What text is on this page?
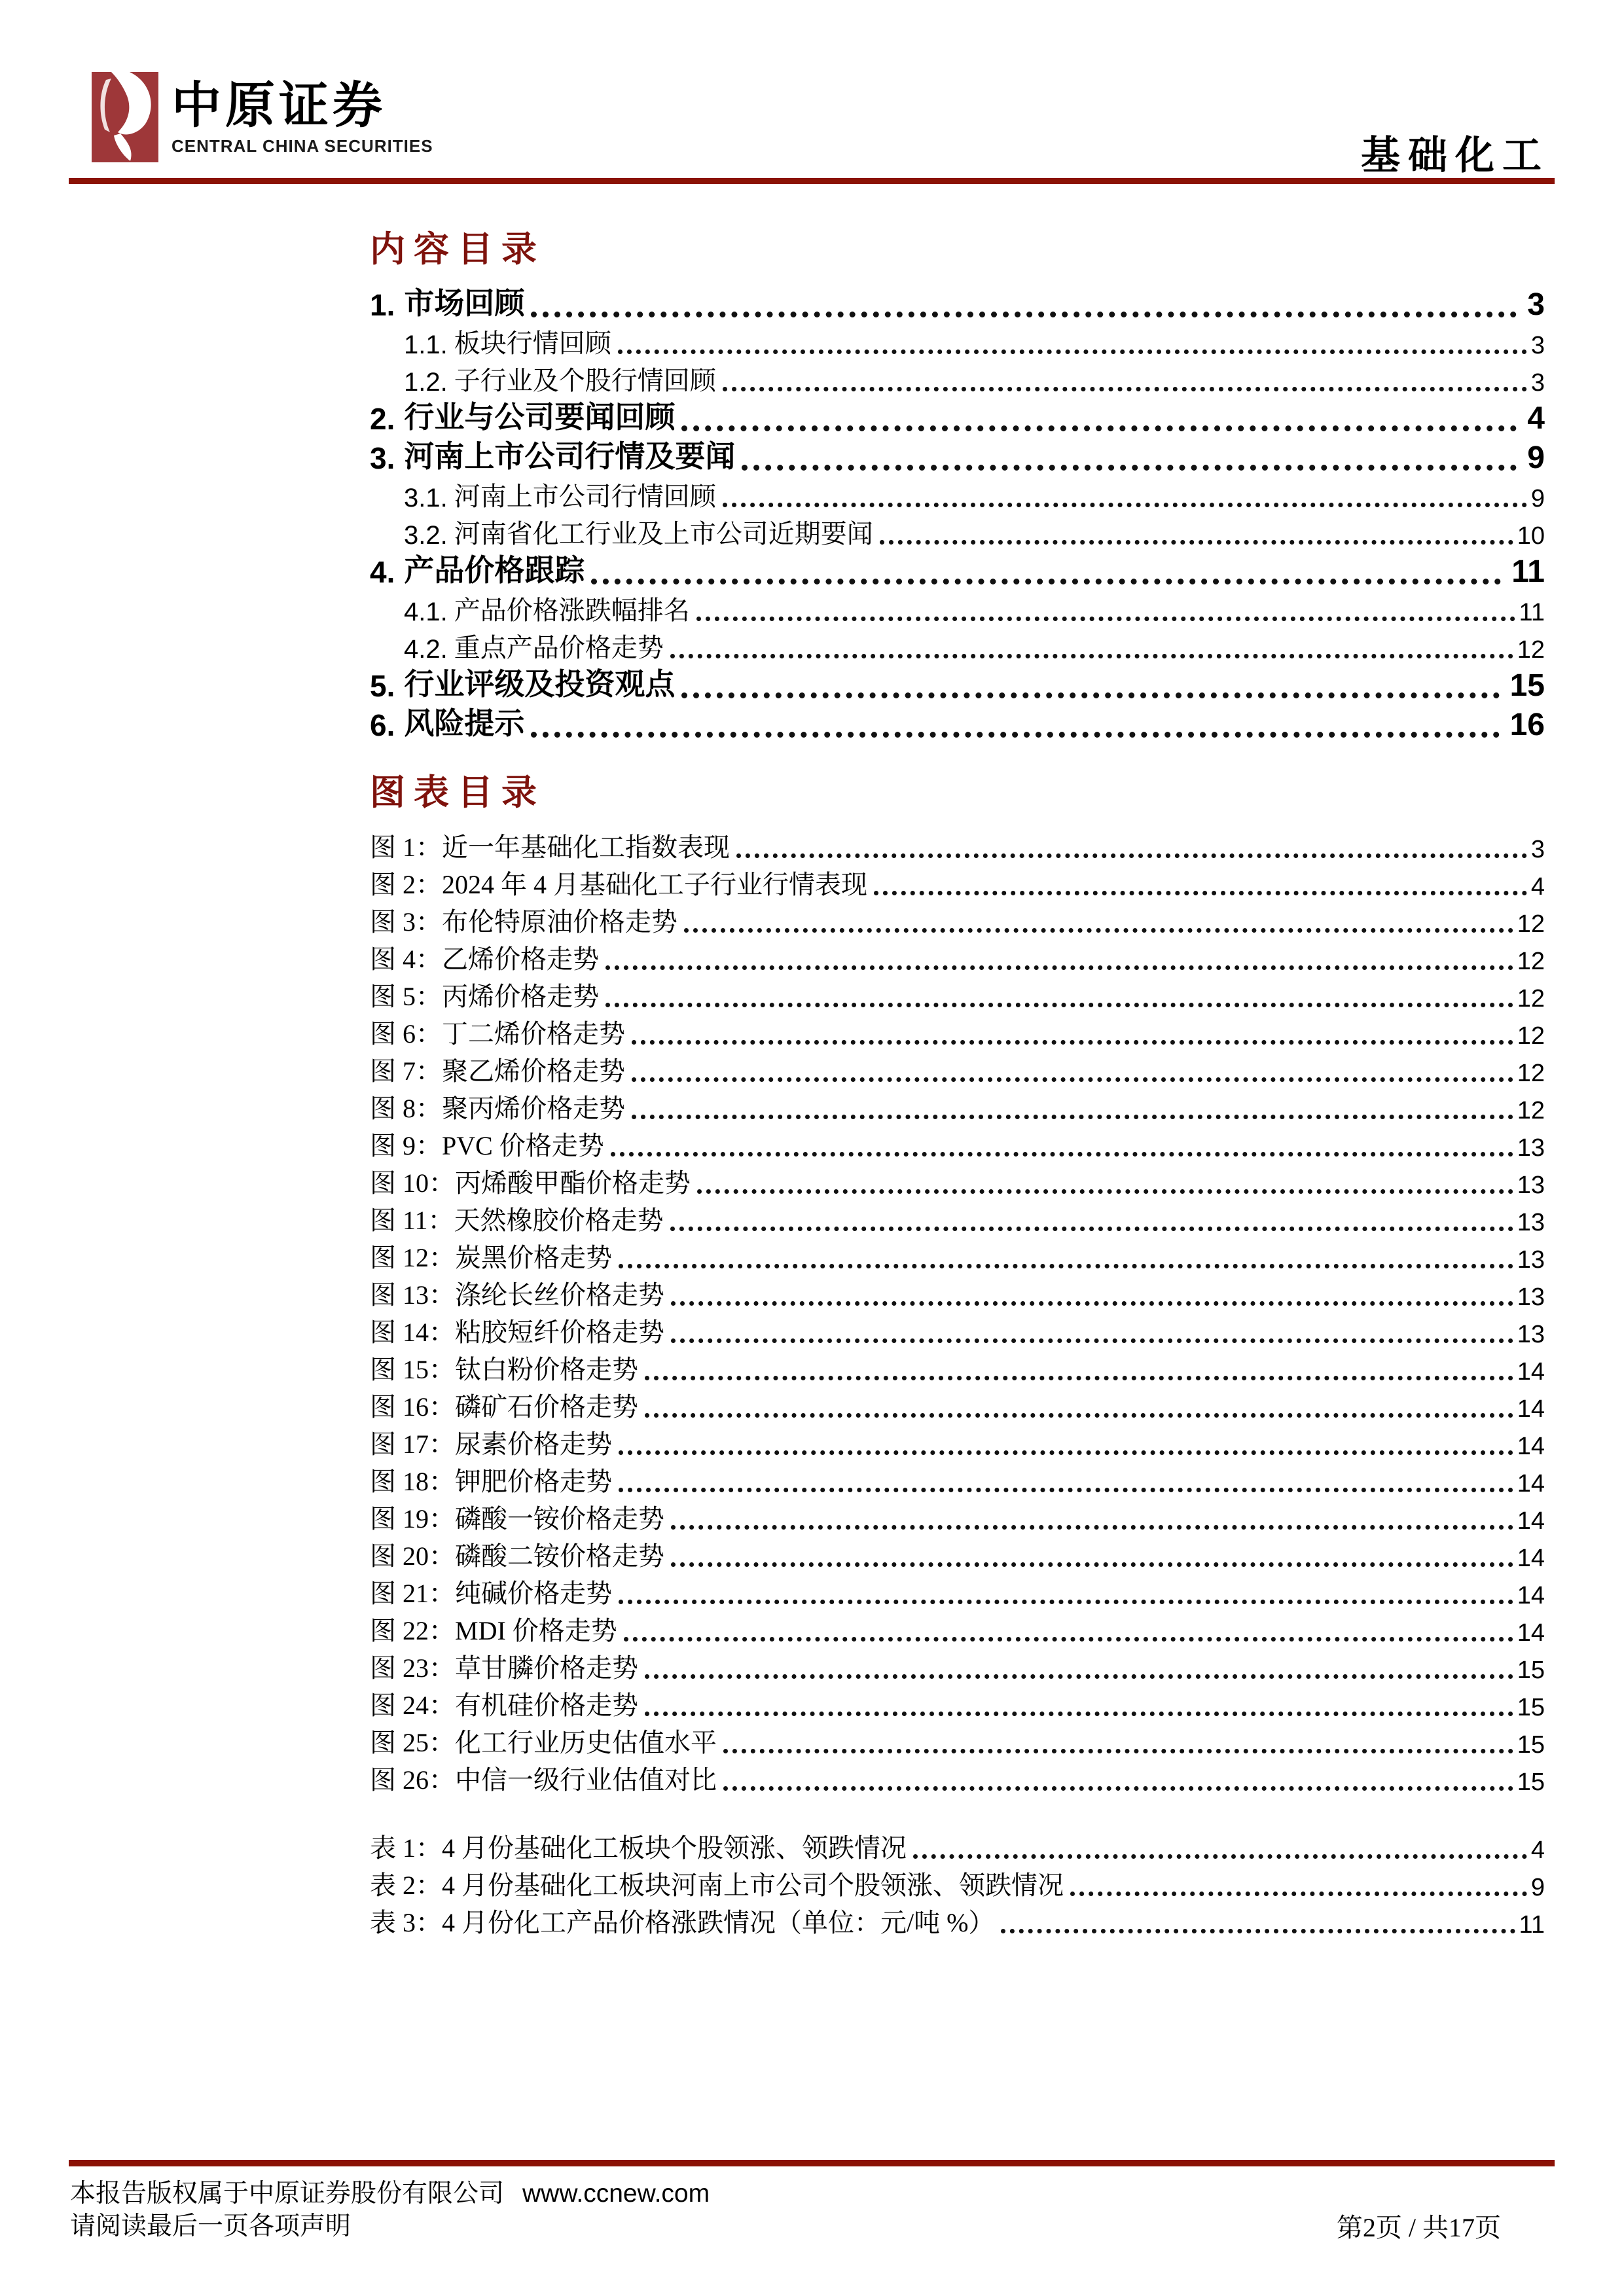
中原证券
CENTRAL CHINA SECURITIES	基础化工
内容目录
1. 市场回顾	3
1.1. 板块行情回顾	3
1.2. 子行业及个股行情回顾	3
2. 行业与公司要闻回顾	4
3. 河南上市公司行情及要闻	9
3.1. 河南上市公司行情回顾	9
3.2. 河南省化工行业及上市公司近期要闻	10
4. 产品价格跟踪	11
4.1. 产品价格涨跌幅排名	11
4.2. 重点产品价格走势	12
5. 行业评级及投资观点	15
6. 风险提示	16
图表目录
图 1：近一年基础化工指数表现	3
图 2：2024 年 4 月基础化工子行业行情表现	4
图 3：布伦特原油价格走势	12
图 4：乙烯价格走势	12
图 5：丙烯价格走势	12
图 6：丁二烯价格走势	12
图 7：聚乙烯价格走势	12
图 8：聚丙烯价格走势	12
图 9：PVC 价格走势	13
图 10：丙烯酸甲酯价格走势	13
图 11：天然橡胶价格走势	13
图 12：炭黑价格走势	13
图 13：涤纶长丝价格走势	13
图 14：粘胶短纤价格走势	13
图 15：钛白粉价格走势	14
图 16：磷矿石价格走势	14
图 17：尿素价格走势	14
图 18：钾肥价格走势	14
图 19：磷酸一铵价格走势	14
图 20：磷酸二铵价格走势	14
图 21：纯碱价格走势	14
图 22：MDI 价格走势	14
图 23：草甘膦价格走势	15
图 24：有机硅价格走势	15
图 25：化工行业历史估值水平	15
图 26：中信一级行业估值对比	15
表 1：4 月份基础化工板块个股领涨、领跌情况	4
表 2：4 月份基础化工板块河南上市公司个股领涨、领跌情况	9
表 3：4 月份化工产品价格涨跌情况（单位：元/吨 %）	11
本报告版权属于中原证券股份有限公司 www.ccnew.com
请阅读最后一页各项声明	第2页 / 共17页
